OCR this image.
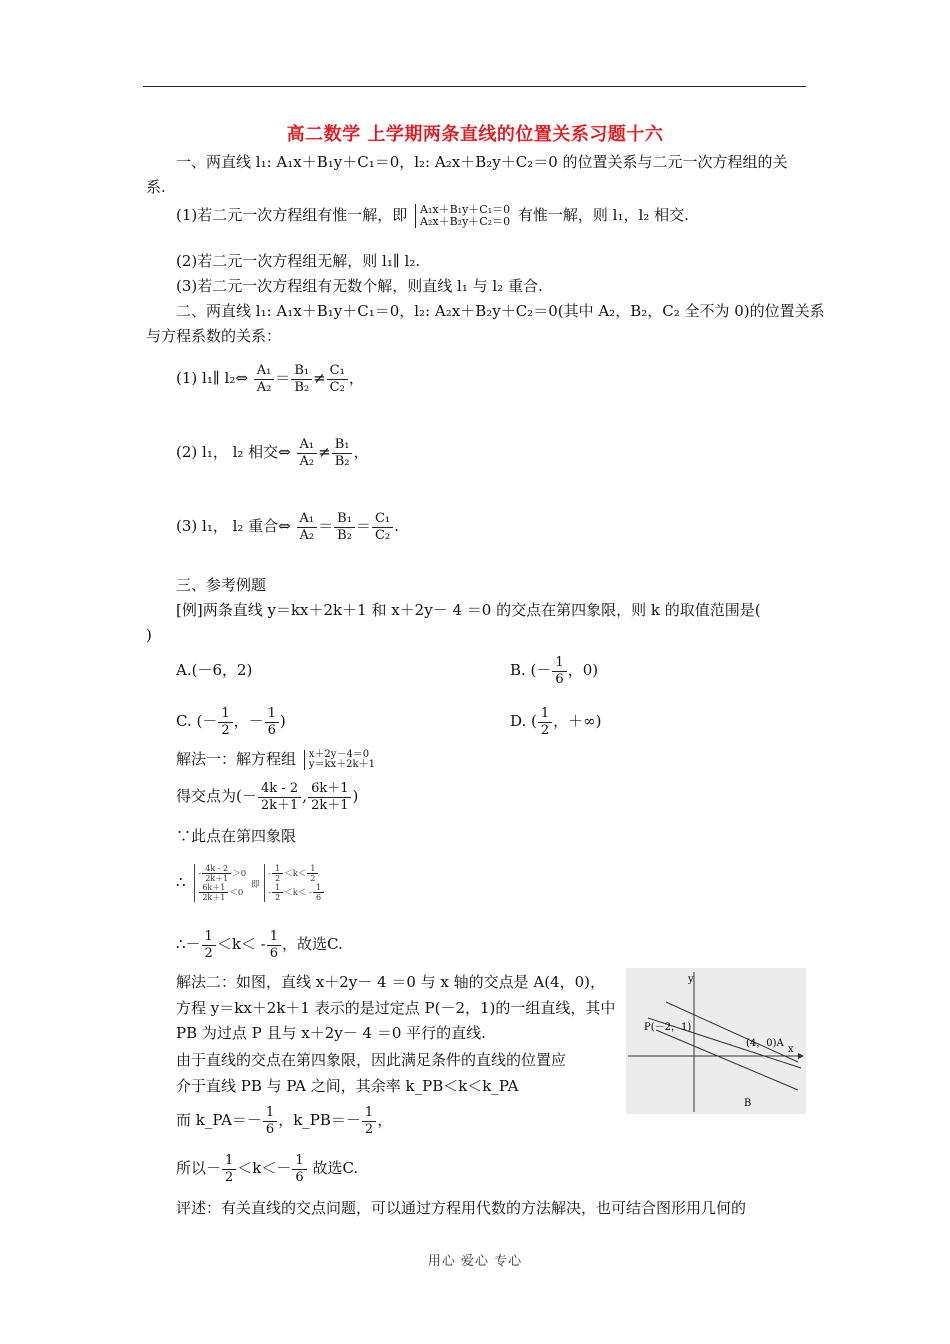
高二数学 上学期两条直线的位置关系习题十六
一、两直线 l₁: A₁x＋B₁y＋C₁＝0，l₂: A₂x＋B₂y＋C₂＝0 的位置关系与二元一次方程组的关
系.
(1)若二元一次方程组有惟一解，即 A₁x＋B₁y＋C₁＝0
A₂x＋B₂y＋C₂＝0 有惟一解，则 l₁，l₂ 相交.
(2)若二元一次方程组无解，则 l₁∥ l₂.
(3)若二元一次方程组有无数个解，则直线 l₁ 与 l₂ 重合.
二、两直线 l₁: A₁x＋B₁y＋C₁＝0，l₂: A₂x＋B₂y＋C₂＝0(其中 A₂，B₂，C₂ 全不为 0)的位置关系
与方程系数的关系：
(1) l₁∥ l₂⇔ $\frac{\text{A₁}}{\text{A₂}} = \frac{\text{B₁}}{\text{B₂}} \ne \frac{\text{C₁}}{\text{C₂}}$ ，
(2) l₁， l₂ 相交⇔ $\frac{\text{A₁}}{\text{A₂}} \ne \frac{\text{B₁}}{\text{B₂}}$ ，
(3) l₁， l₂ 重合⇔ $\frac{\text{A₁}}{\text{A₂}} = \frac{\text{B₁}}{\text{B₂}} = \frac{\text{C₁}}{\text{C₂}}$ .
三、参考例题
[例]两条直线 y＝kx＋2k＋1 和 x＋2y－ 4 ＝0 的交点在第四象限，则 k 的取值范围是(
)
A.(－6，2)	B. (－ $\frac{1}{6}$ ，0)
C. (－ $\frac{1}{2}$ ，－ $\frac{1}{6}$ )	D. ( $\frac{1}{2}$ ，＋∞)
解法一：解方程组 x＋2y－4＝0
y＝kx＋2k＋1
得交点为(－ $\frac{4k - 2}{2k+1}$ , $\frac{6k+1}{2k+1}$ )
∵此点在第四象限
∴ - $\frac{4k - 2}{2k+1} >0$
$\frac{6k+1}{2k+1} <0$
即
- $\frac{1}{2} <k< \frac{1}{2}$
- $\frac{1}{2} <k< - \frac{1}{6}$
∴－ $\frac{1}{2} <k< - \frac{1}{6}$ ，故选C.
解法二：如图，直线 x＋2y－ 4 ＝0 与 x 轴的交点是 A(4，0)，
方程 y＝kx＋2k＋1 表示的是过定点 P(－2，1)的一组直线，其中
PB 为过点 P 且与 x＋2y－ 4 ＝0 平行的直线.
由于直线的交点在第四象限，因此满足条件的直线的位置应
介于直线 PB 与 PA 之间，其余率 k_PB＜k＜k_PA
而 k_PA＝－ $\frac{1}{6}$ ，k_PB＝－ $\frac{1}{2}$ ，
所以－ $\frac{1}{2} <k<- \frac{1}{6}$ 故选C.
评述：有关直线的交点问题，可以通过方程用代数的方法解决，也可结合图形用几何的
y
x
P(－2，1)
(4，0)A
B
用心 爱心 专心
